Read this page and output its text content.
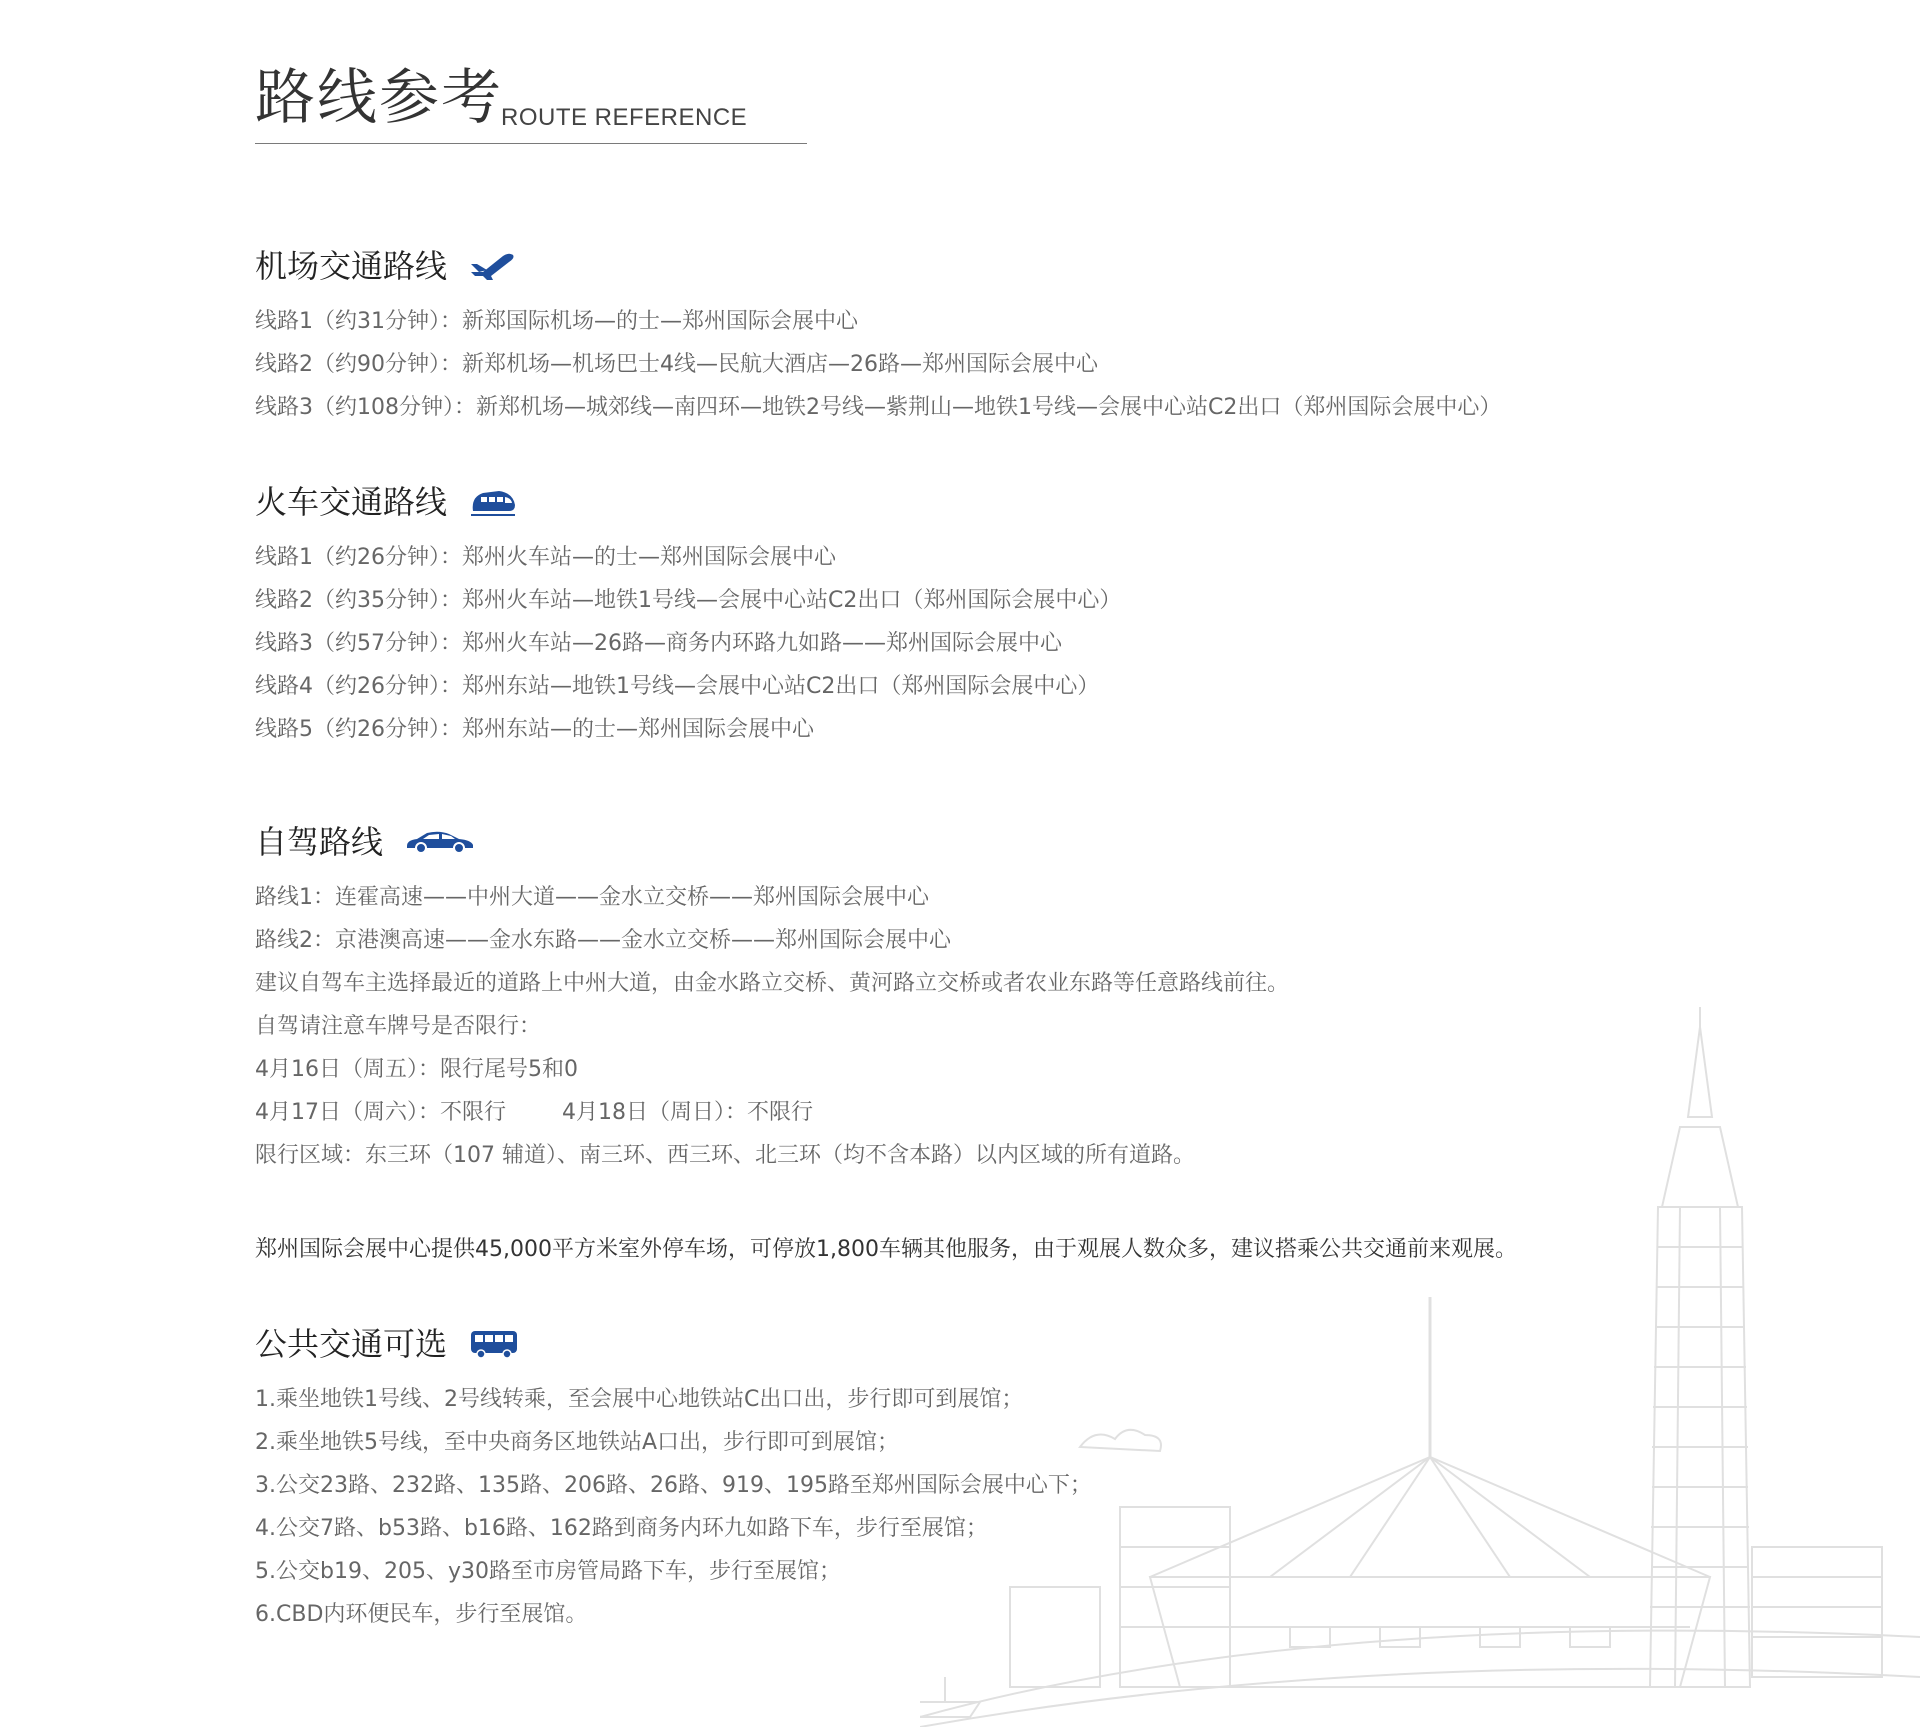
路线参考
ROUTE REFERENCE
机场交通路线
线路1（约31分钟）：新郑国际机场—的士—郑州国际会展中心
线路2（约90分钟）：新郑机场—机场巴士4线—民航大酒店—26路—郑州国际会展中心
线路3（约108分钟）：新郑机场—城郊线—南四环—地铁2号线—紫荆山—地铁1号线—会展中心站C2出口（郑州国际会展中心）
火车交通路线
线路1（约26分钟）：郑州火车站—的士—郑州国际会展中心
线路2（约35分钟）：郑州火车站—地铁1号线—会展中心站C2出口（郑州国际会展中心）
线路3（约57分钟）：郑州火车站—26路—商务内环路九如路——郑州国际会展中心
线路4（约26分钟）：郑州东站—地铁1号线—会展中心站C2出口（郑州国际会展中心）
线路5（约26分钟）：郑州东站—的士—郑州国际会展中心
自驾路线
路线1：连霍高速——中州大道——金水立交桥——郑州国际会展中心
路线2：京港澳高速——金水东路——金水立交桥——郑州国际会展中心
建议自驾车主选择最近的道路上中州大道，由金水路立交桥、黄河路立交桥或者农业东路等任意路线前往。
自驾请注意车牌号是否限行：
4月16日（周五）：限行尾号5和0
4月17日（周六）：不限行	4月18日（周日）：不限行
限行区域：东三环（107 辅道）、南三环、西三环、北三环（均不含本路）以内区域的所有道路。
郑州国际会展中心提供45,000平方米室外停车场，可停放1,800车辆其他服务，由于观展人数众多，建议搭乘公共交通前来观展。
公共交通可选
1.乘坐地铁1号线、2号线转乘，至会展中心地铁站C出口出，步行即可到展馆；
2.乘坐地铁5号线，至中央商务区地铁站A口出，步行即可到展馆；
3.公交23路、232路、135路、206路、26路、919、195路至郑州国际会展中心下；
4.公交7路、b53路、b16路、162路到商务内环九如路下车，步行至展馆；
5.公交b19、205、y30路至市房管局路下车，步行至展馆；
6.CBD内环便民车，步行至展馆。
